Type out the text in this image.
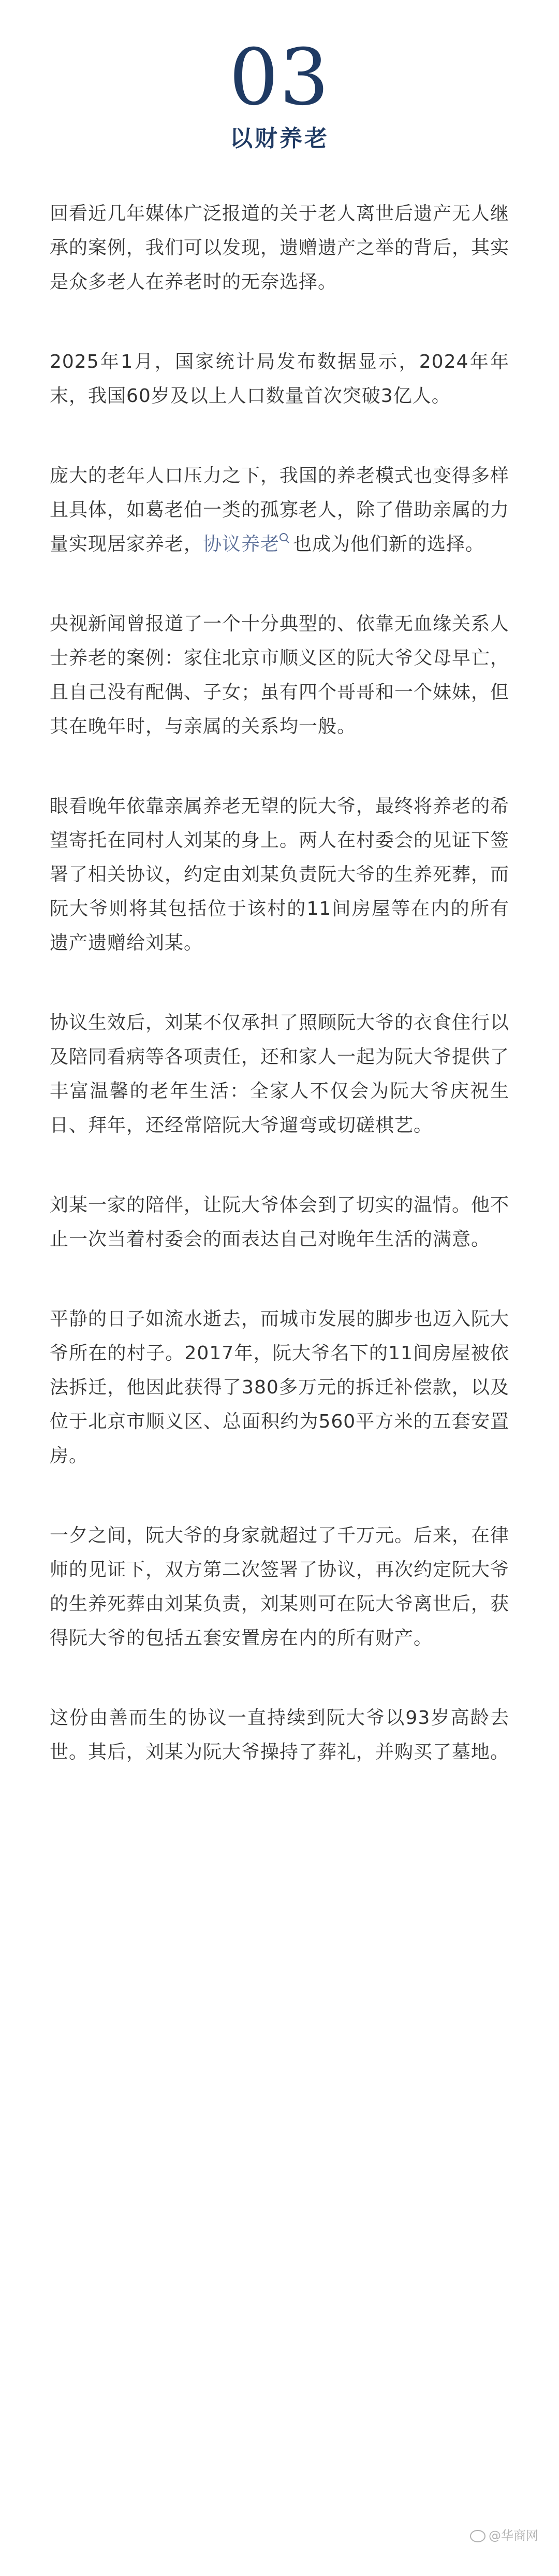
03
以财养老

回看近几年媒体广泛报道的关于老人离世后遗产无人继承的案例，我们可以发现，遗赠遗产之举的背后，其实是众多老人在养老时的无奈选择。

2025年1月，国家统计局发布数据显示，2024年年末，我国60岁及以上人口数量首次突破3亿人。

庞大的老年人口压力之下，我国的养老模式也变得多样且具体，如葛老伯一类的孤寡老人，除了借助亲属的力量实现居家养老，协议养老 也成为他们新的选择。

央视新闻曾报道了一个十分典型的、依靠无血缘关系人士养老的案例：家住北京市顺义区的阮大爷父母早亡，且自己没有配偶、子女；虽有四个哥哥和一个妹妹，但其在晚年时，与亲属的关系均一般。

眼看晚年依靠亲属养老无望的阮大爷，最终将养老的希望寄托在同村人刘某的身上。两人在村委会的见证下签署了相关协议，约定由刘某负责阮大爷的生养死葬，而阮大爷则将其包括位于该村的11间房屋等在内的所有遗产遗赠给刘某。

协议生效后，刘某不仅承担了照顾阮大爷的衣食住行以及陪同看病等各项责任，还和家人一起为阮大爷提供了丰富温馨的老年生活：全家人不仅会为阮大爷庆祝生日、拜年，还经常陪阮大爷遛弯或切磋棋艺。

刘某一家的陪伴，让阮大爷体会到了切实的温情。他不止一次当着村委会的面表达自己对晚年生活的满意。

平静的日子如流水逝去，而城市发展的脚步也迈入阮大爷所在的村子。2017年，阮大爷名下的11间房屋被依法拆迁，他因此获得了380多万元的拆迁补偿款，以及位于北京市顺义区、总面积约为560平方米的五套安置房。

一夕之间，阮大爷的身家就超过了千万元。后来，在律师的见证下，双方第二次签署了协议，再次约定阮大爷的生养死葬由刘某负责，刘某则可在阮大爷离世后，获得阮大爷的包括五套安置房在内的所有财产。

这份由善而生的协议一直持续到阮大爷以93岁高龄去世。其后，刘某为阮大爷操持了葬礼，并购买了墓地。

@华商网
